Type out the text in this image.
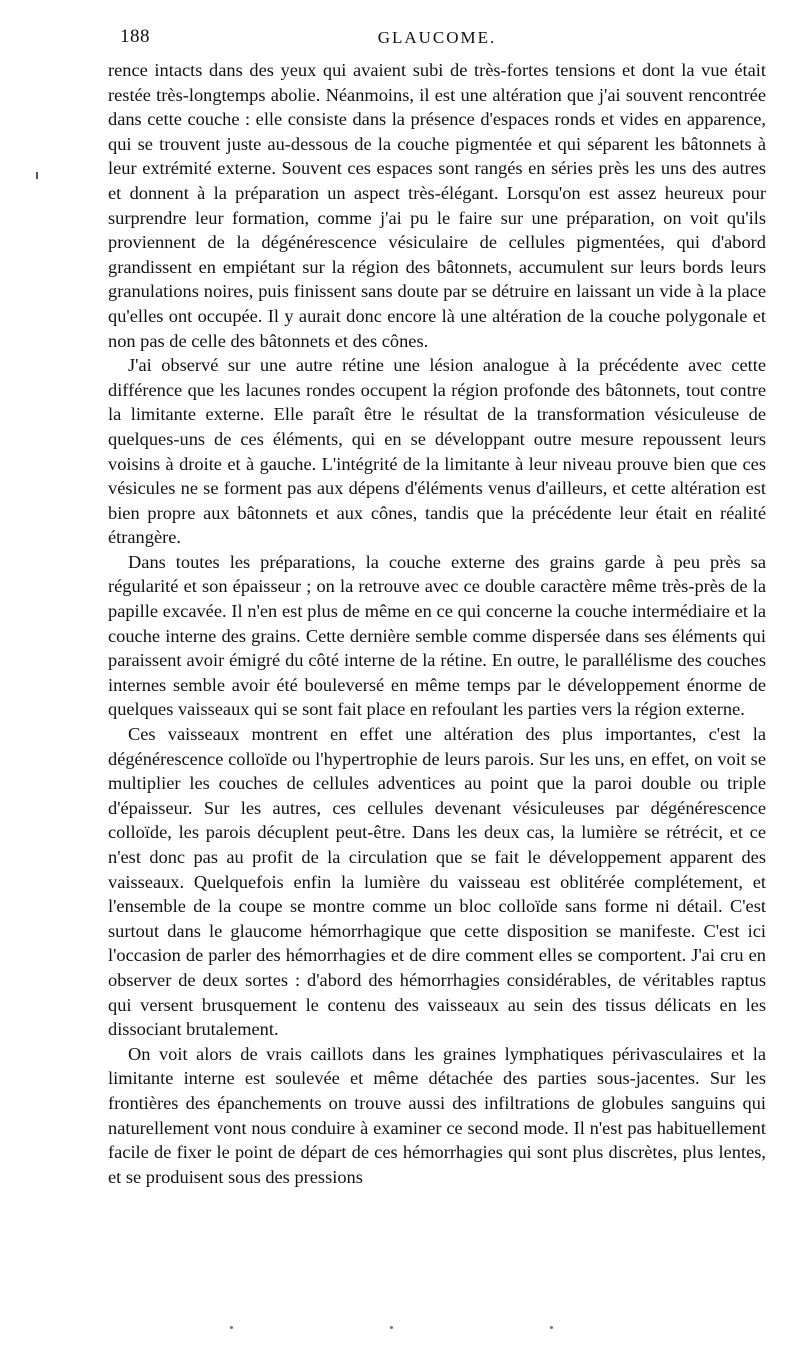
188	GLAUCOME.

rence intacts dans des yeux qui avaient subi de très-fortes tensions et dont la vue était restée très-longtemps abolie. Néanmoins, il est une altération que j'ai souvent rencontrée dans cette couche : elle consiste dans la présence d'espaces ronds et vides en apparence, qui se trouvent juste au-dessous de la couche pigmentée et qui séparent les bâtonnets à leur extrémité externe. Souvent ces espaces sont rangés en séries près les uns des autres et donnent à la préparation un aspect très-élégant. Lorsqu'on est assez heureux pour surprendre leur formation, comme j'ai pu le faire sur une préparation, on voit qu'ils proviennent de la dégénérescence vésiculaire de cellules pigmentées, qui d'abord grandissent en empiétant sur la région des bâtonnets, accumulent sur leurs bords leurs granulations noires, puis finissent sans doute par se détruire en laissant un vide à la place qu'elles ont occupée. Il y aurait donc encore là une altération de la couche polygonale et non pas de celle des bâtonnets et des cônes.

J'ai observé sur une autre rétine une lésion analogue à la précédente avec cette différence que les lacunes rondes occupent la région profonde des bâtonnets, tout contre la limitante externe. Elle paraît être le résultat de la transformation vésiculeuse de quelques-uns de ces éléments, qui en se développant outre mesure repoussent leurs voisins à droite et à gauche. L'intégrité de la limitante à leur niveau prouve bien que ces vésicules ne se forment pas aux dépens d'éléments venus d'ailleurs, et cette altération est bien propre aux bâtonnets et aux cônes, tandis que la précédente leur était en réalité étrangère.

Dans toutes les préparations, la couche externe des grains garde à peu près sa régularité et son épaisseur ; on la retrouve avec ce double caractère même très-près de la papille excavée. Il n'en est plus de même en ce qui concerne la couche intermédiaire et la couche interne des grains. Cette dernière semble comme dispersée dans ses éléments qui paraissent avoir émigré du côté interne de la rétine. En outre, le parallélisme des couches internes semble avoir été bouleversé en même temps par le développement énorme de quelques vaisseaux qui se sont fait place en refoulant les parties vers la région externe.

Ces vaisseaux montrent en effet une altération des plus importantes, c'est la dégénérescence colloïde ou l'hypertrophie de leurs parois. Sur les uns, en effet, on voit se multiplier les couches de cellules adventices au point que la paroi double ou triple d'épaisseur. Sur les autres, ces cellules devenant vésiculeuses par dégénérescence colloïde, les parois décuplent peut-être. Dans les deux cas, la lumière se rétrécit, et ce n'est donc pas au profit de la circulation que se fait le développement apparent des vaisseaux. Quelquefois enfin la lumière du vaisseau est oblitérée complétement, et l'ensemble de la coupe se montre comme un bloc colloïde sans forme ni détail. C'est surtout dans le glaucome hémorrhagique que cette disposition se manifeste. C'est ici l'occasion de parler des hémorrhagies et de dire comment elles se comportent. J'ai cru en observer de deux sortes : d'abord des hémorrhagies considérables, de véritables raptus qui versent brusquement le contenu des vaisseaux au sein des tissus délicats en les dissociant brutalement.

On voit alors de vrais caillots dans les graines lymphatiques périvasculaires et la limitante interne est soulevée et même détachée des parties sous-jacentes. Sur les frontières des épanchements on trouve aussi des infiltrations de globules sanguins qui naturellement vont nous conduire à examiner ce second mode. Il n'est pas habituellement facile de fixer le point de départ de ces hémorrhagies qui sont plus discrètes, plus lentes, et se produisent sous des pressions
